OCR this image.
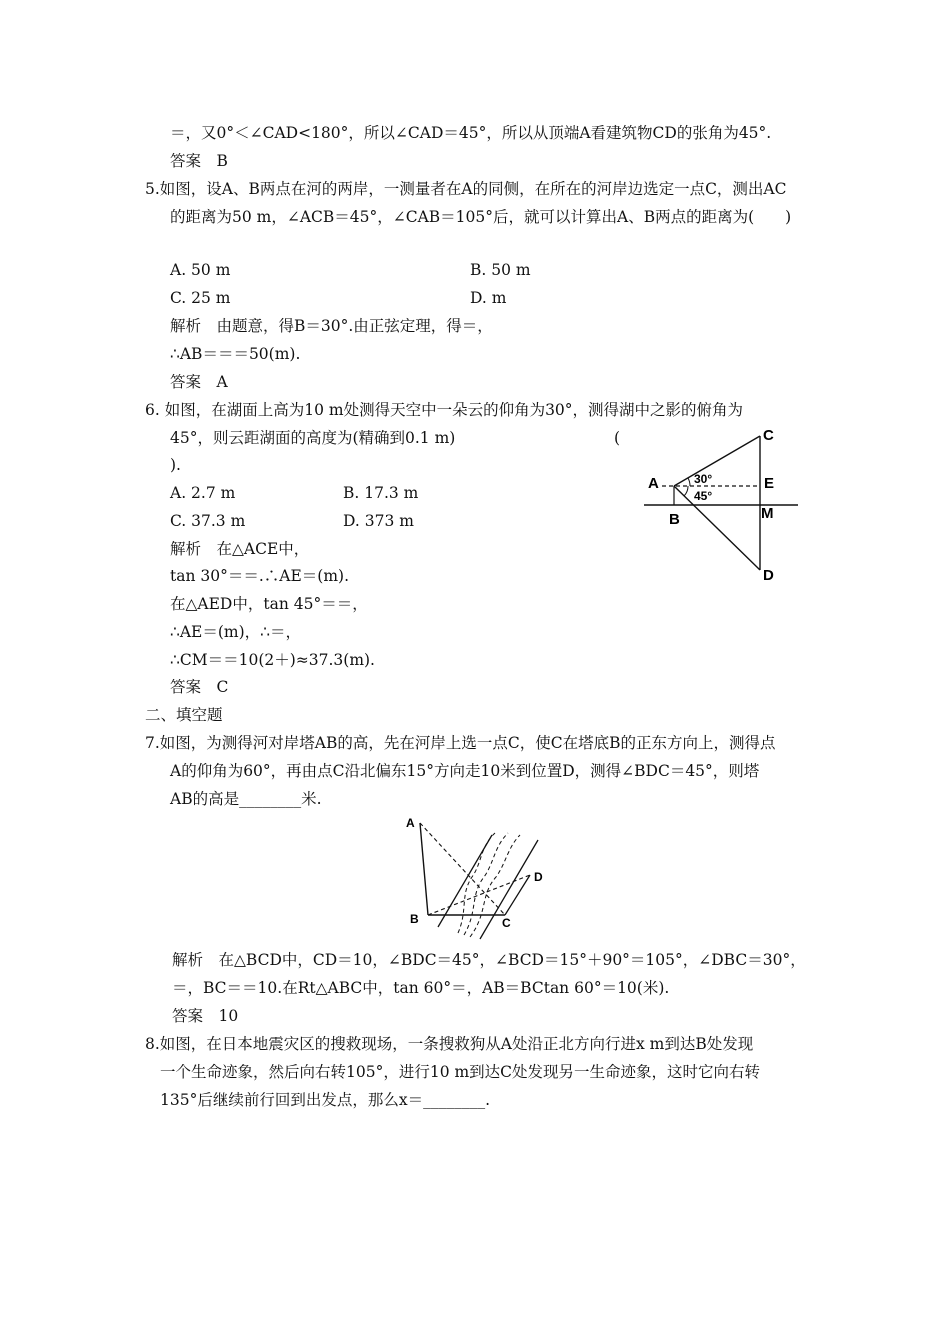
＝，又0°＜∠CAD<180°，所以∠CAD＝45°，所以从顶端A看建筑物CD的张角为45°.
答案　B
5.如图，设A、B两点在河的两岸，一测量者在A的同侧，在所在的河岸边选定一点C，测出AC
的距离为50 m，∠ACB＝45°，∠CAB＝105°后，就可以计算出A、B两点的距离为(　　)
A. 50 m	B. 50 m
C. 25 m	D. m
解析　由题意，得B＝30°.由正弦定理，得＝，
∴AB＝＝＝50(m).
答案　A
6. 如图，在湖面上高为10 m处测得天空中一朵云的仰角为30°，测得湖中之影的俯角为
45°，则云距湖面的高度为(精确到0.1 m)	(
).
A. 2.7 m	B. 17.3 m
C. 37.3 m	D. 373 m
解析　在△ACE中，
tan 30°＝＝.∴AE＝(m).
在△AED中，tan 45°＝＝，
∴AE＝(m)，∴＝，
∴CM＝＝10(2＋)≈37.3(m).
答案　C
二、填空题
7.如图，为测得河对岸塔AB的高，先在河岸上选一点C，使C在塔底B的正东方向上，测得点
A的仰角为60°，再由点C沿北偏东15°方向走10米到位置D，测得∠BDC＝45°，则塔
AB的高是________米.
解析　在△BCD中，CD＝10，∠BDC＝45°，∠BCD＝15°＋90°＝105°，∠DBC＝30°，
＝，BC＝＝10.在Rt△ABC中，tan 60°＝，AB＝BCtan 60°＝10(米).
答案　10
8.如图，在日本地震灾区的搜救现场，一条搜救狗从A处沿正北方向行进x m到达B处发现
一个生命迹象，然后向右转105°，进行10 m到达C处发现另一生命迹象，这时它向右转
135°后继续前行回到出发点，那么x＝________.
A
B
C
D
E
M
30°
45°
A
B	C
D
